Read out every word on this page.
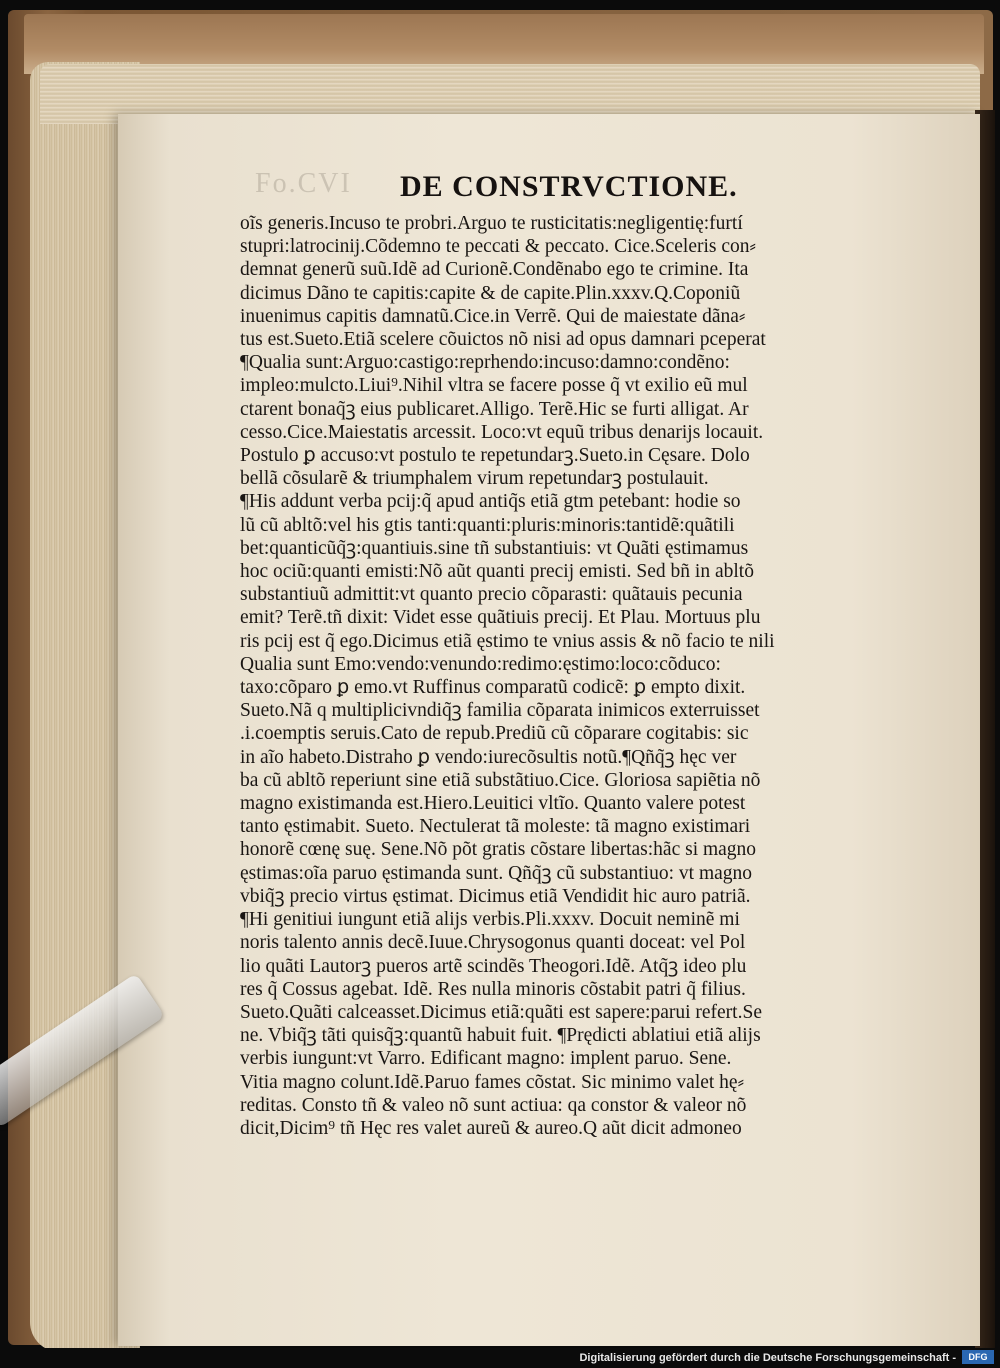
Fo.CVI DE CONSTRVCTIONE.
oĩs generis.Incuso te probri.Arguo te rusticitatis:negligentię:furtí
stupri:latrocinij.Cõdemno te peccati & peccato. Cice.Sceleris con⸗
demnat generũ suũ.Idẽ ad Curionẽ.Condẽnabo ego te crimine. Ita
dicimus Dãno te capitis:capite & de capite.Plin.xxxv.Q.Coponiũ
inuenimus capitis damnatũ.Cice.in Verrẽ. Qui de maiestate dãna⸗
tus est.Sueto.Etiã scelere cõuictos nõ nisi ad opus damnari pceperat
¶Qualia sunt:Arguo:castigo:reprhendo:incuso:damno:condẽno:
impleo:mulcto.Liui⁹.Nihil vltra se facere posse q̃ vt exilio eũ mul
ctarent bonaq̃ꝫ eius publicaret.Alligo. Terẽ.Hic se furti alligat. Ar
cesso.Cice.Maiestatis arcessit. Loco:vt equũ tribus denarijs locauit.
Postulo ꝑ accuso:vt postulo te repetundarꝫ.Sueto.in Cęsare. Dolo
bellã cõsularẽ & triumphalem virum repetundarꝫ postulauit.
¶His addunt verba pcij:q̃ apud antiq̃s etiã gtm petebant: hodie so
lũ cũ abltõ:vel his gtis tanti:quanti:pluris:minoris:tantidẽ:quãtili
bet:quanticũq̃ꝫ:quantiuis.sine tñ substantiuis: vt Quãti ęstimamus
hoc ociũ:quanti emisti:Nõ aũt quanti precij emisti. Sed bñ in abltõ
substantiuũ admittit:vt quanto precio cõparasti: quãtauis pecunia
emit? Terẽ.tñ dixit: Videt esse quãtiuis precij. Et Plau. Mortuus plu
ris pcij est q̃ ego.Dicimus etiã ęstimo te vnius assis & nõ facio te nili
Qualia sunt Emo:vendo:venundo:redimo:ęstimo:loco:cõduco:
taxo:cõparo ꝑ emo.vt Ruffinus comparatũ codicẽ: ꝑ empto dixit.
Sueto.Nã q multiplicivndiq̃ꝫ familia cõparata inimicos exterruisset
.i.coemptis seruis.Cato de repub.Prediũ cũ cõparare cogitabis: sic
in aĩo habeto.Distraho ꝑ vendo:iurecõsultis notũ.¶Qñq̃ꝫ hęc ver
ba cũ abltõ reperiunt sine etiã substãtiuo.Cice. Gloriosa sapiẽtia nõ
magno existimanda est.Hiero.Leuitici vltĩo. Quanto valere potest
tanto ęstimabit. Sueto. Nectulerat tã moleste: tã magno existimari
honorẽ cœnę suę. Sene.Nõ põt gratis cõstare libertas:hãc si magno
ęstimas:oĩa paruo ęstimanda sunt. Qñq̃ꝫ cũ substantiuo: vt magno
vbiq̃ꝫ precio virtus ęstimat. Dicimus etiã Vendidit hic auro patriã.
¶Hi genitiui iungunt etiã alijs verbis.Pli.xxxv. Docuit neminẽ mi
noris talento annis decẽ.Iuue.Chrysogonus quanti doceat: vel Pol
lio quãti Lautorꝫ pueros artẽ scindẽs Theogori.Idẽ. Atq̃ꝫ ideo plu
res q̃ Cossus agebat. Idẽ. Res nulla minoris cõstabit patri q̃ filius.
Sueto.Quãti calceasset.Dicimus etiã:quãti est sapere:parui refert.Se
ne. Vbiq̃ꝫ tãti quisq̃ꝫ:quantũ habuit fuit. ¶Prędicti ablatiui etiã alijs
verbis iungunt:vt Varro. Edificant magno: implent paruo. Sene.
Vitia magno colunt.Idẽ.Paruo fames cõstat. Sic minimo valet hę⸗
reditas. Consto tñ & valeo nõ sunt actiua: qa constor & valeor nõ
dicit,Dicim⁹ tñ Hęc res valet aureũ & aureo.Q aũt dicit admoneo
Digitalisierung gefördert durch die Deutsche Forschungsgemeinschaft -	DFG
